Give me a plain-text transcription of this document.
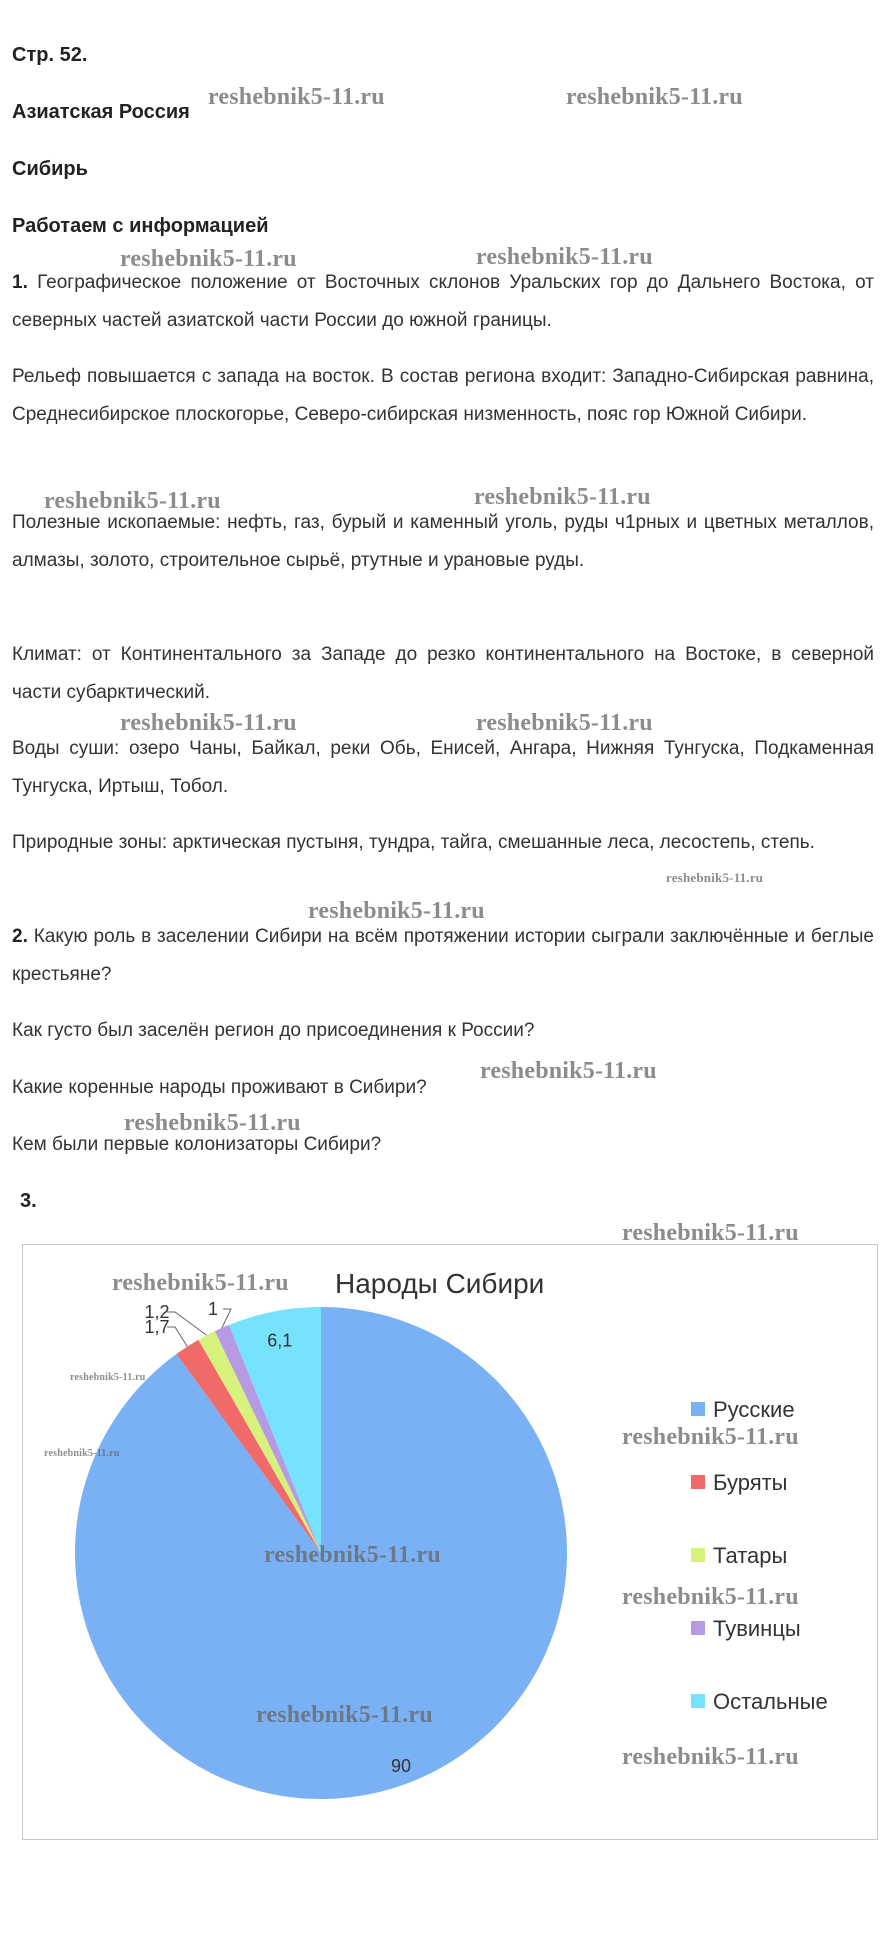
Стр. 52.
Азиатская Россия
Сибирь
Работаем с информацией
1. Географическое положение от Восточных склонов Уральских гор до Дальнего Востока, от северных частей азиатской части России до южной границы.
Рельеф повышается с запада на восток. В состав региона входит: Западно-Сибирская равнина, Среднесибирское плоскогорье, Северо-сибирская низменность, пояс гор Южной Сибири.
Полезные ископаемые: нефть, газ, бурый и каменный уголь, руды ч1рных и цветных металлов, алмазы, золото, строительное сырьё, ртутные и урановые руды.
Климат: от Континентального за Западе до резко континентального на Востоке, в северной части субарктический.
Воды суши: озеро Чаны, Байкал, реки Обь, Енисей, Ангара, Нижняя Тунгуска, Подкаменная Тунгуска, Иртыш, Тобол.
Природные зоны: арктическая пустыня, тундра, тайга, смешанные леса, лесостепь, степь.
2. Какую роль в заселении Сибири на всём протяжении истории сыграли заключённые и беглые крестьяне?
Как густо был заселён регион до присоединения к России?
Какие коренные народы проживают в Сибири?
Кем были первые колонизаторы Сибири?
3.
Народы Сибири
90
1,7
1,2 1
6,1
Русские
Буряты
Татары
Тувинцы
Остальные
reshebnik5-11.ru	reshebnik5-11.ru
reshebnik5-11.ru	reshebnik5-11.ru
reshebnik5-11.ru	reshebnik5-11.ru
reshebnik5-11.ru	reshebnik5-11.ru
reshebnik5-11.ru
reshebnik5-11.ru
reshebnik5-11.ru
reshebnik5-11.ru
reshebnik5-11.ru
reshebnik5-11.ru
reshebnik5-11.ru
reshebnik5-11.ru
reshebnik5-11.ru
reshebnik5-11.ru
reshebnik5-11.ru
reshebnik5-11.ru
reshebnik5-11.ru
